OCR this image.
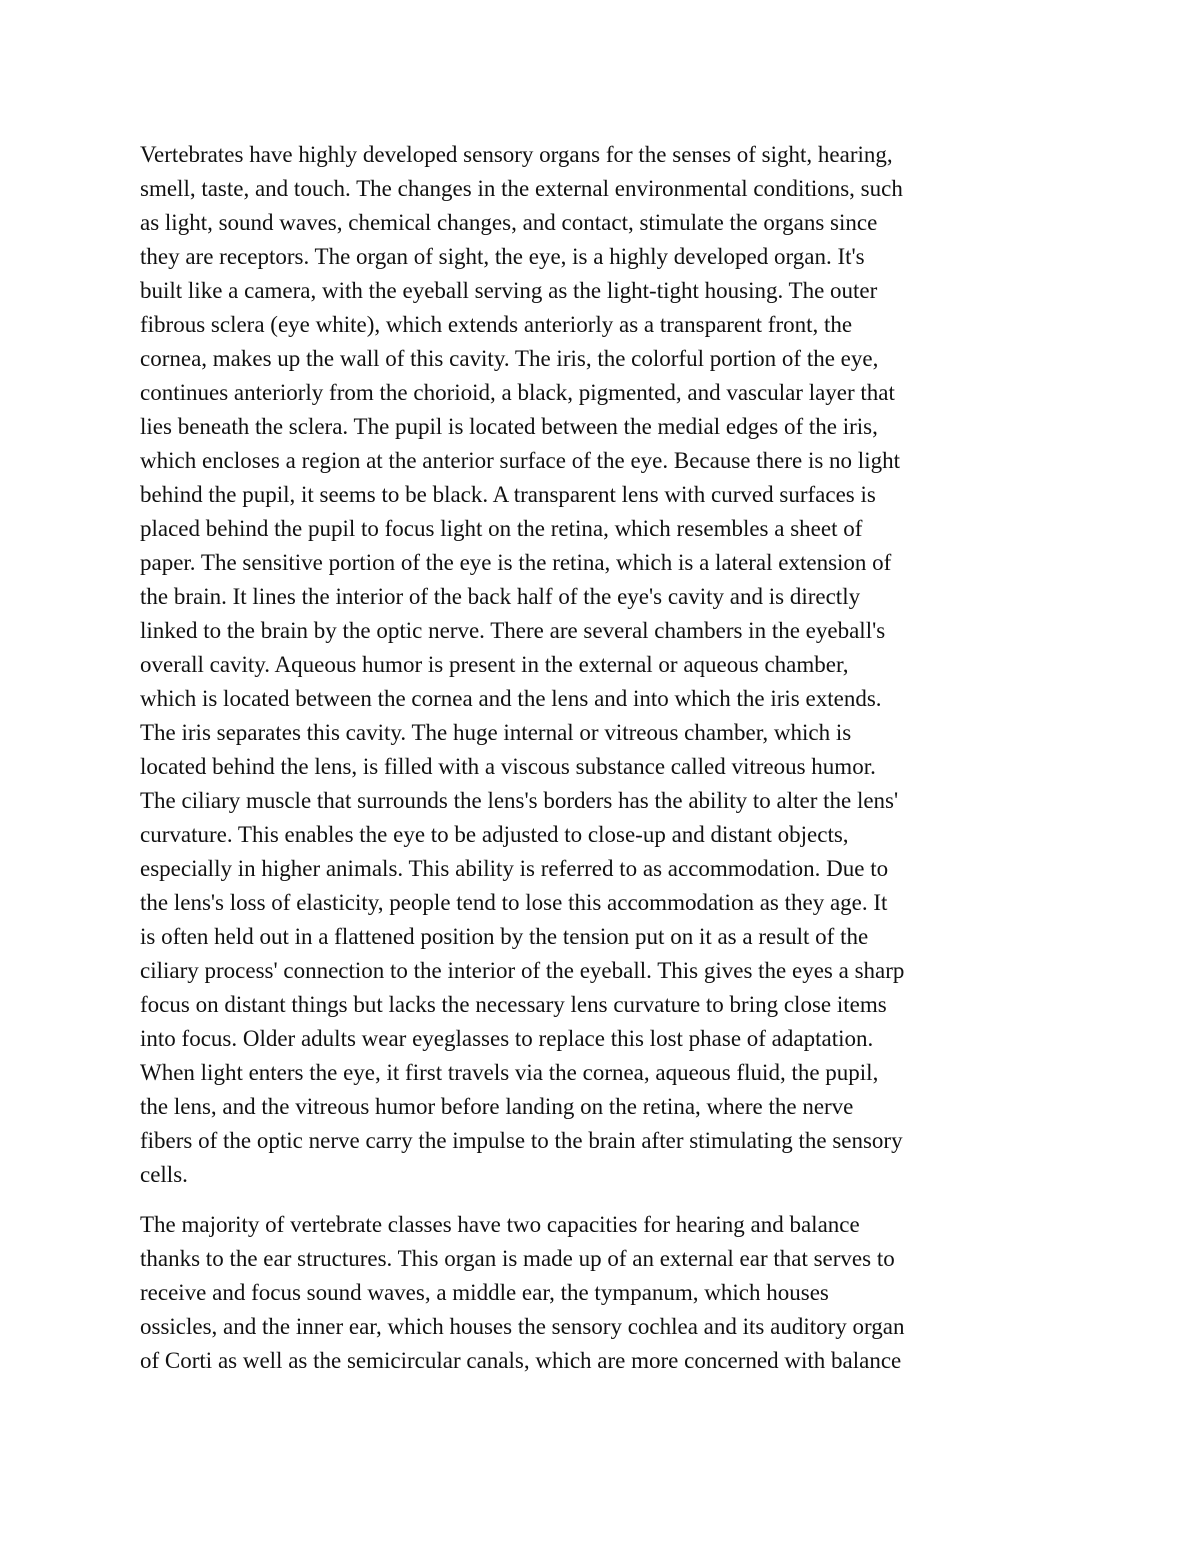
Vertebrates have highly developed sensory organs for the senses of sight, hearing,
smell, taste, and touch. The changes in the external environmental conditions, such
as light, sound waves, chemical changes, and contact, stimulate the organs since
they are receptors. The organ of sight, the eye, is a highly developed organ. It's
built like a camera, with the eyeball serving as the light-tight housing. The outer
fibrous sclera (eye white), which extends anteriorly as a transparent front, the
cornea, makes up the wall of this cavity. The iris, the colorful portion of the eye,
continues anteriorly from the chorioid, a black, pigmented, and vascular layer that
lies beneath the sclera. The pupil is located between the medial edges of the iris,
which encloses a region at the anterior surface of the eye. Because there is no light
behind the pupil, it seems to be black. A transparent lens with curved surfaces is
placed behind the pupil to focus light on the retina, which resembles a sheet of
paper. The sensitive portion of the eye is the retina, which is a lateral extension of
the brain. It lines the interior of the back half of the eye's cavity and is directly
linked to the brain by the optic nerve. There are several chambers in the eyeball's
overall cavity. Aqueous humor is present in the external or aqueous chamber,
which is located between the cornea and the lens and into which the iris extends.
The iris separates this cavity. The huge internal or vitreous chamber, which is
located behind the lens, is filled with a viscous substance called vitreous humor.
The ciliary muscle that surrounds the lens's borders has the ability to alter the lens'
curvature. This enables the eye to be adjusted to close-up and distant objects,
especially in higher animals. This ability is referred to as accommodation. Due to
the lens's loss of elasticity, people tend to lose this accommodation as they age. It
is often held out in a flattened position by the tension put on it as a result of the
ciliary process' connection to the interior of the eyeball. This gives the eyes a sharp
focus on distant things but lacks the necessary lens curvature to bring close items
into focus. Older adults wear eyeglasses to replace this lost phase of adaptation.
When light enters the eye, it first travels via the cornea, aqueous fluid, the pupil,
the lens, and the vitreous humor before landing on the retina, where the nerve
fibers of the optic nerve carry the impulse to the brain after stimulating the sensory
cells.
The majority of vertebrate classes have two capacities for hearing and balance
thanks to the ear structures. This organ is made up of an external ear that serves to
receive and focus sound waves, a middle ear, the tympanum, which houses
ossicles, and the inner ear, which houses the sensory cochlea and its auditory organ
of Corti as well as the semicircular canals, which are more concerned with balance
